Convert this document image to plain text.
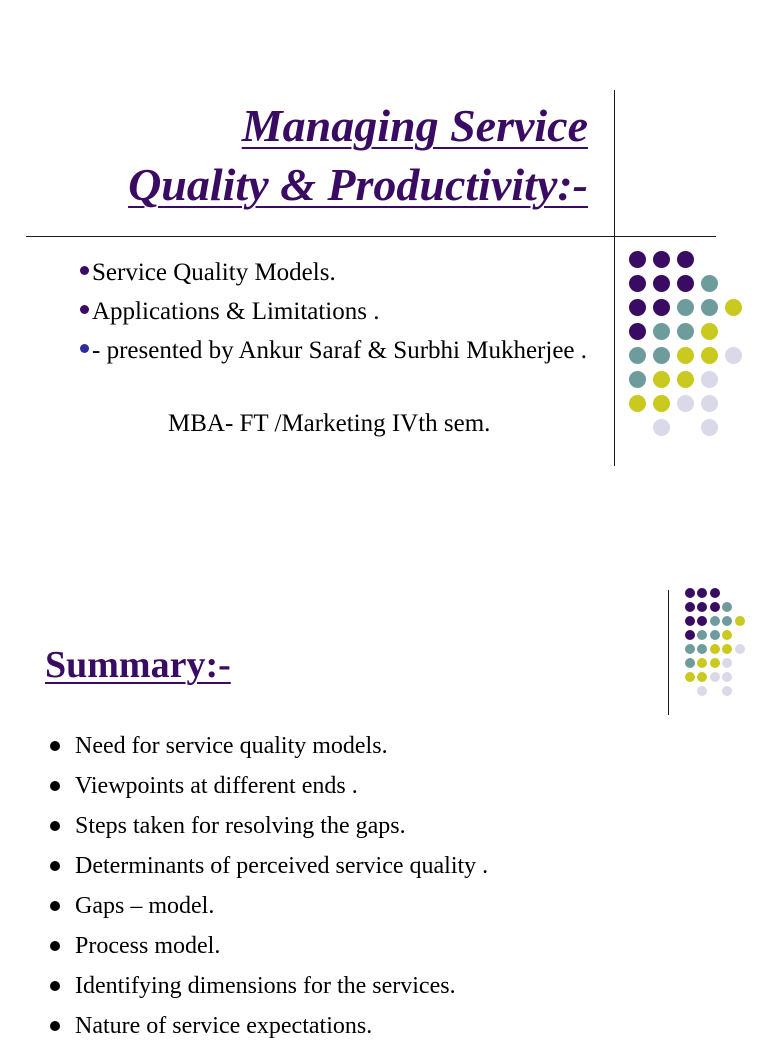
Managing Service
Quality & Productivity:-
Service Quality Models.
Applications & Limitations .
- presented by Ankur Saraf & Surbhi Mukherjee .
MBA- FT /Marketing IVth sem.
Summary:-
Need for service quality models.
Viewpoints at different ends .
Steps taken for resolving the gaps.
Determinants of perceived service quality .
Gaps – model.
Process model.
Identifying dimensions for the services.
Nature of service expectations.
